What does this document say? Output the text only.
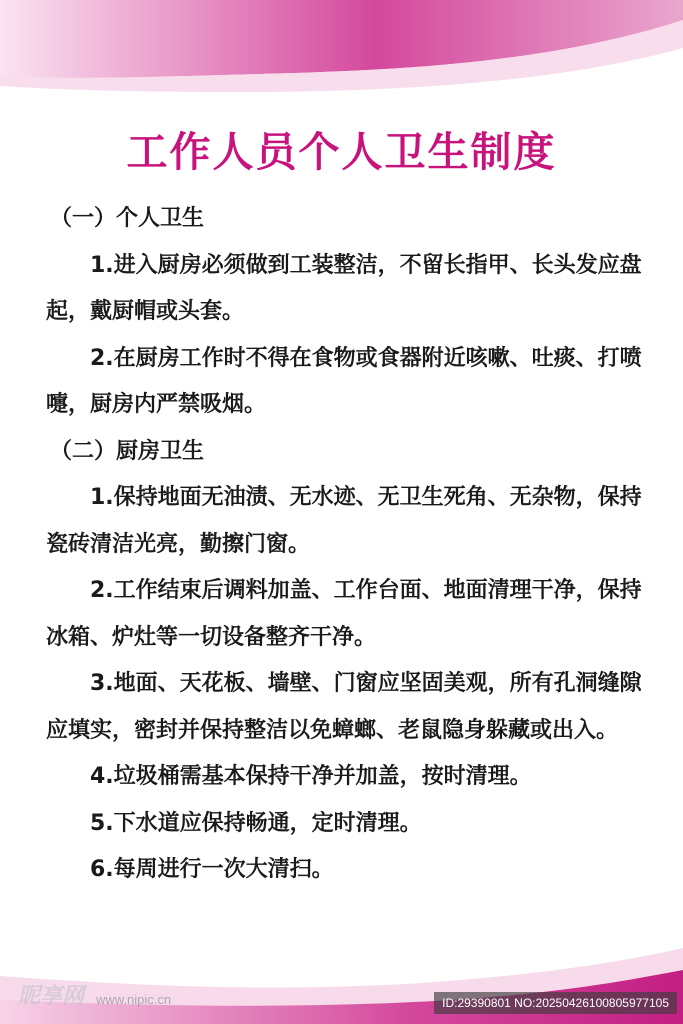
工作人员个人卫生制度

（一）个人卫生

1.进入厨房必须做到工装整洁，不留长指甲、长头发应盘起，戴厨帽或头套。

2.在厨房工作时不得在食物或食器附近咳嗽、吐痰、打喷嚏，厨房内严禁吸烟。

（二）厨房卫生

1.保持地面无油渍、无水迹、无卫生死角、无杂物，保持瓷砖清洁光亮，勤擦门窗。

2.工作结束后调料加盖、工作台面、地面清理干净，保持冰箱、炉灶等一切设备整齐干净。

3.地面、天花板、墙壁、门窗应坚固美观，所有孔洞缝隙应填实，密封并保持整洁以免蟑螂、老鼠隐身躲藏或出入。

4.垃圾桶需基本保持干净并加盖，按时清理。

5.下水道应保持畅通，定时清理。

6.每周进行一次大清扫。

昵享网 www.nipic.cn	ID:29390801 NO:20250426100805977105
